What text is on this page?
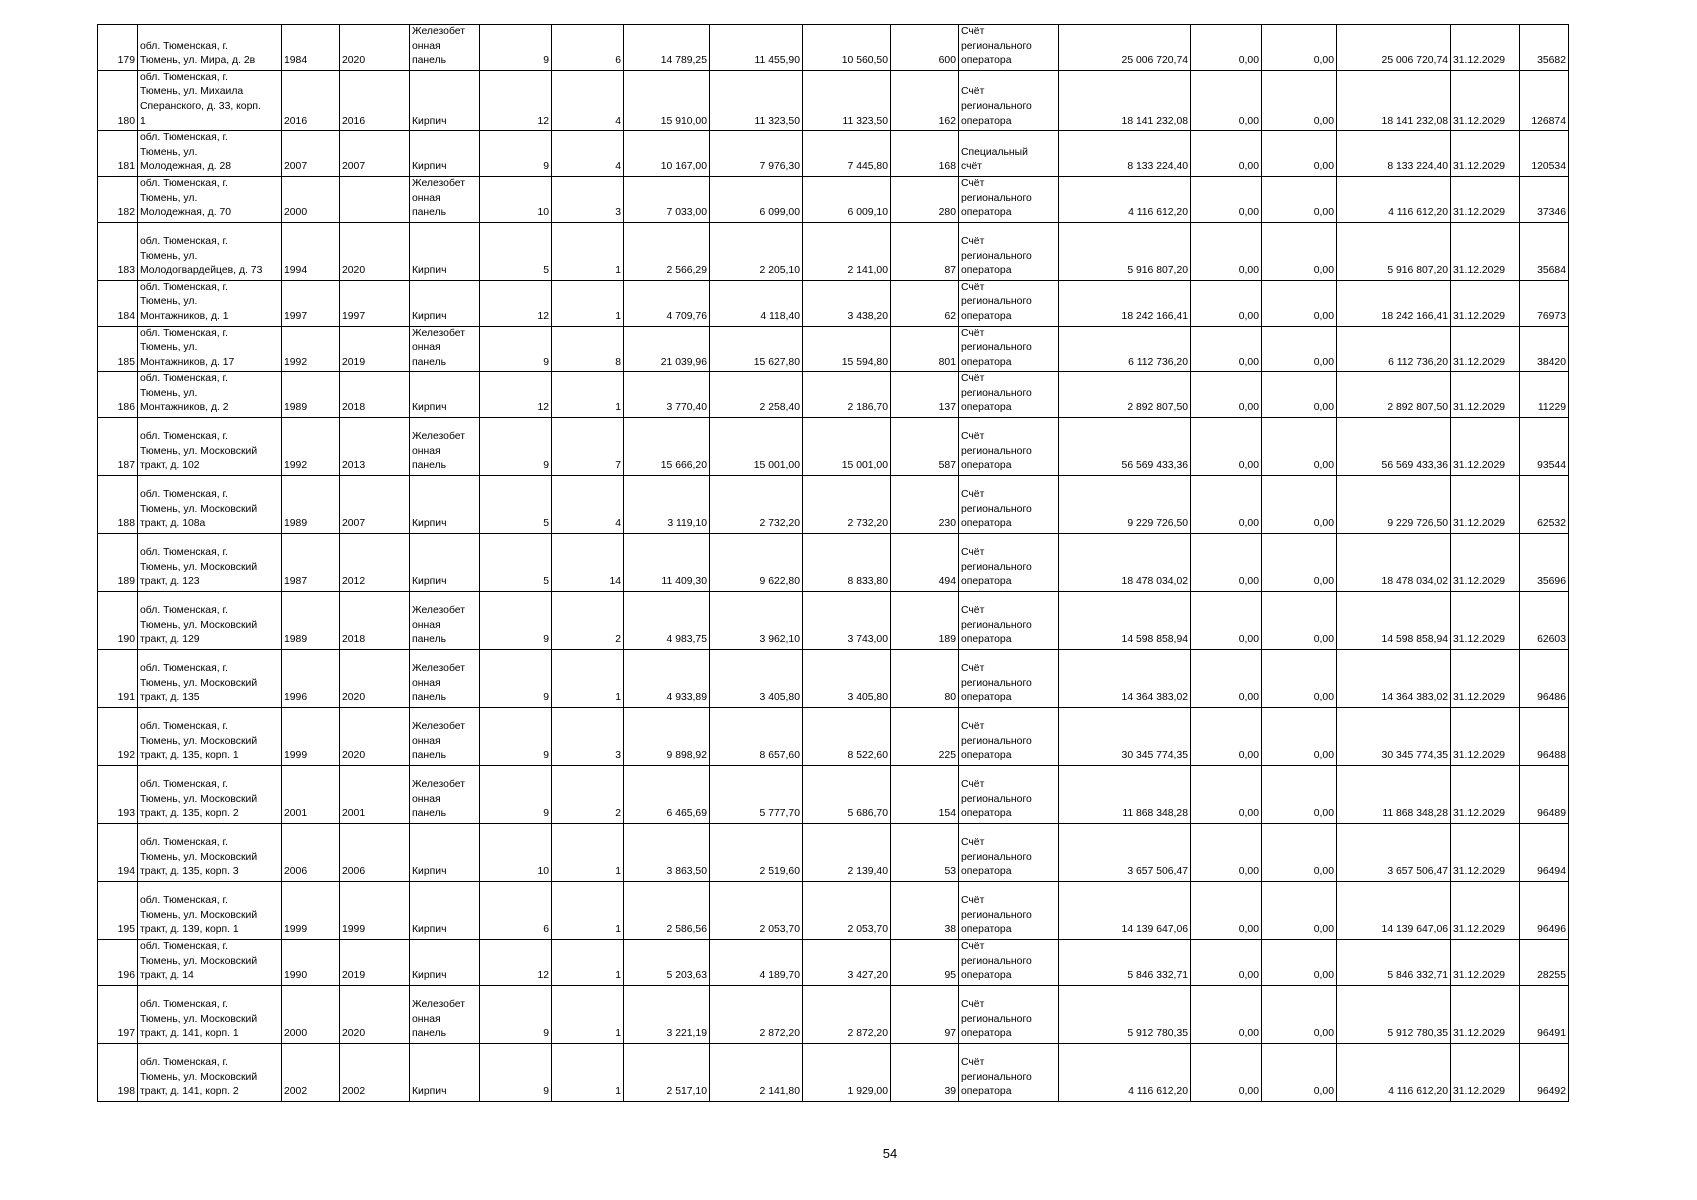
179	обл. Тюменская, г.
Тюмень, ул. Мира, д. 2в	1984	2020	Железобет
онная
панель	9	6	14 789,25	11 455,90	10 560,50	600	Счёт
регионального
оператора	25 006 720,74	0,00	0,00	25 006 720,74	31.12.2029	35682
180	обл. Тюменская, г.
Тюмень, ул. Михаила
Сперанского, д. 33, корп.
1	2016	2016	Кирпич	12	4	15 910,00	11 323,50	11 323,50	162	Счёт
регионального
оператора	18 141 232,08	0,00	0,00	18 141 232,08	31.12.2029	126874
181	обл. Тюменская, г.
Тюмень, ул.
Молодежная, д. 28	2007	2007	Кирпич	9	4	10 167,00	7 976,30	7 445,80	168	Специальный
счёт	8 133 224,40	0,00	0,00	8 133 224,40	31.12.2029	120534
182	обл. Тюменская, г.
Тюмень, ул.
Молодежная, д. 70	2000		Железобет
онная
панель	10	3	7 033,00	6 099,00	6 009,10	280	Счёт
регионального
оператора	4 116 612,20	0,00	0,00	4 116 612,20	31.12.2029	37346
183	обл. Тюменская, г.
Тюмень, ул.
Молодогвардейцев, д. 73	1994	2020	Кирпич	5	1	2 566,29	2 205,10	2 141,00	87	Счёт
регионального
оператора	5 916 807,20	0,00	0,00	5 916 807,20	31.12.2029	35684
184	обл. Тюменская, г.
Тюмень, ул.
Монтажников, д. 1	1997	1997	Кирпич	12	1	4 709,76	4 118,40	3 438,20	62	Счёт
регионального
оператора	18 242 166,41	0,00	0,00	18 242 166,41	31.12.2029	76973
185	обл. Тюменская, г.
Тюмень, ул.
Монтажников, д. 17	1992	2019	Железобет
онная
панель	9	8	21 039,96	15 627,80	15 594,80	801	Счёт
регионального
оператора	6 112 736,20	0,00	0,00	6 112 736,20	31.12.2029	38420
186	обл. Тюменская, г.
Тюмень, ул.
Монтажников, д. 2	1989	2018	Кирпич	12	1	3 770,40	2 258,40	2 186,70	137	Счёт
регионального
оператора	2 892 807,50	0,00	0,00	2 892 807,50	31.12.2029	11229
187	обл. Тюменская, г.
Тюмень, ул. Московский
тракт, д. 102	1992	2013	Железобет
онная
панель	9	7	15 666,20	15 001,00	15 001,00	587	Счёт
регионального
оператора	56 569 433,36	0,00	0,00	56 569 433,36	31.12.2029	93544
188	обл. Тюменская, г.
Тюмень, ул. Московский
тракт, д. 108а	1989	2007	Кирпич	5	4	3 119,10	2 732,20	2 732,20	230	Счёт
регионального
оператора	9 229 726,50	0,00	0,00	9 229 726,50	31.12.2029	62532
189	обл. Тюменская, г.
Тюмень, ул. Московский
тракт, д. 123	1987	2012	Кирпич	5	14	11 409,30	9 622,80	8 833,80	494	Счёт
регионального
оператора	18 478 034,02	0,00	0,00	18 478 034,02	31.12.2029	35696
190	обл. Тюменская, г.
Тюмень, ул. Московский
тракт, д. 129	1989	2018	Железобет
онная
панель	9	2	4 983,75	3 962,10	3 743,00	189	Счёт
регионального
оператора	14 598 858,94	0,00	0,00	14 598 858,94	31.12.2029	62603
191	обл. Тюменская, г.
Тюмень, ул. Московский
тракт, д. 135	1996	2020	Железобет
онная
панель	9	1	4 933,89	3 405,80	3 405,80	80	Счёт
регионального
оператора	14 364 383,02	0,00	0,00	14 364 383,02	31.12.2029	96486
192	обл. Тюменская, г.
Тюмень, ул. Московский
тракт, д. 135, корп. 1	1999	2020	Железобет
онная
панель	9	3	9 898,92	8 657,60	8 522,60	225	Счёт
регионального
оператора	30 345 774,35	0,00	0,00	30 345 774,35	31.12.2029	96488
193	обл. Тюменская, г.
Тюмень, ул. Московский
тракт, д. 135, корп. 2	2001	2001	Железобет
онная
панель	9	2	6 465,69	5 777,70	5 686,70	154	Счёт
регионального
оператора	11 868 348,28	0,00	0,00	11 868 348,28	31.12.2029	96489
194	обл. Тюменская, г.
Тюмень, ул. Московский
тракт, д. 135, корп. 3	2006	2006	Кирпич	10	1	3 863,50	2 519,60	2 139,40	53	Счёт
регионального
оператора	3 657 506,47	0,00	0,00	3 657 506,47	31.12.2029	96494
195	обл. Тюменская, г.
Тюмень, ул. Московский
тракт, д. 139, корп. 1	1999	1999	Кирпич	6	1	2 586,56	2 053,70	2 053,70	38	Счёт
регионального
оператора	14 139 647,06	0,00	0,00	14 139 647,06	31.12.2029	96496
196	обл. Тюменская, г.
Тюмень, ул. Московский
тракт, д. 14	1990	2019	Кирпич	12	1	5 203,63	4 189,70	3 427,20	95	Счёт
регионального
оператора	5 846 332,71	0,00	0,00	5 846 332,71	31.12.2029	28255
197	обл. Тюменская, г.
Тюмень, ул. Московский
тракт, д. 141, корп. 1	2000	2020	Железобет
онная
панель	9	1	3 221,19	2 872,20	2 872,20	97	Счёт
регионального
оператора	5 912 780,35	0,00	0,00	5 912 780,35	31.12.2029	96491
198	обл. Тюменская, г.
Тюмень, ул. Московский
тракт, д. 141, корп. 2	2002	2002	Кирпич	9	1	2 517,10	2 141,80	1 929,00	39	Счёт
регионального
оператора	4 116 612,20	0,00	0,00	4 116 612,20	31.12.2029	96492
54
